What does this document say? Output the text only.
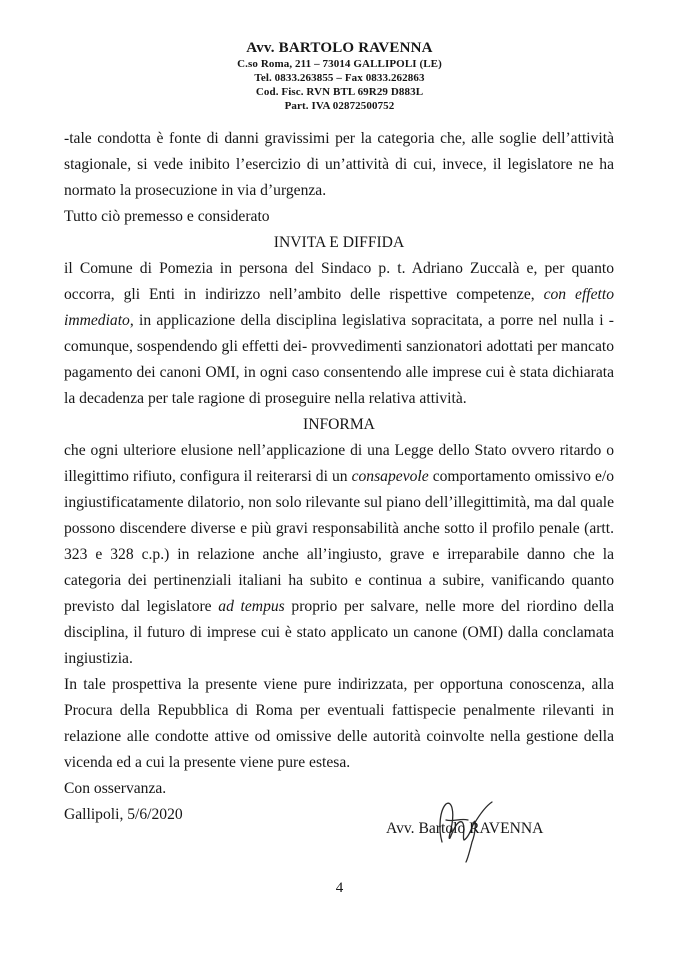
Avv. BARTOLO RAVENNA
C.so Roma, 211 – 73014 GALLIPOLI (LE)
Tel. 0833.263855 – Fax 0833.262863
Cod. Fisc. RVN BTL 69R29 D883L
Part. IVA 02872500752

-tale condotta è fonte di danni gravissimi per la categoria che, alle soglie dell’attività stagionale, si vede inibito l’esercizio di un’attività di cui, invece, il legislatore ne ha normato la prosecuzione in via d’urgenza.

Tutto ciò premesso e considerato

INVITA E DIFFIDA

il Comune di Pomezia in persona del Sindaco p. t. Adriano Zuccalà e, per quanto occorra, gli Enti in indirizzo nell’ambito delle rispettive competenze, con effetto immediato, in applicazione della disciplina legislativa sopracitata, a porre nel nulla i -comunque, sospendendo gli effetti dei- provvedimenti sanzionatori adottati per mancato pagamento dei canoni OMI, in ogni caso consentendo alle imprese cui è stata dichiarata la decadenza per tale ragione di proseguire nella relativa attività.

INFORMA

che ogni ulteriore elusione nell’applicazione di una Legge dello Stato ovvero ritardo o illegittimo rifiuto, configura il reiterarsi di un consapevole comportamento omissivo e/o ingiustificatamente dilatorio, non solo rilevante sul piano dell’illegittimità, ma dal quale possono discendere diverse e più gravi responsabilità anche sotto il profilo penale (artt. 323 e 328 c.p.) in relazione anche all’ingiusto, grave e irreparabile danno che la categoria dei pertinenziali italiani ha subito e continua a subire, vanificando quanto previsto dal legislatore ad tempus proprio per salvare, nelle more del riordino della disciplina, il futuro di imprese cui è stato applicato un canone (OMI) dalla conclamata ingiustizia.

In tale prospettiva la presente viene pure indirizzata, per opportuna conoscenza, alla Procura della Repubblica di Roma per eventuali fattispecie penalmente rilevanti in relazione alle condotte attive od omissive delle autorità coinvolte nella gestione della vicenda ed a cui la presente viene pure estesa.

Con osservanza.

Gallipoli, 5/6/2020

Avv. Bartolo RAVENNA
4
